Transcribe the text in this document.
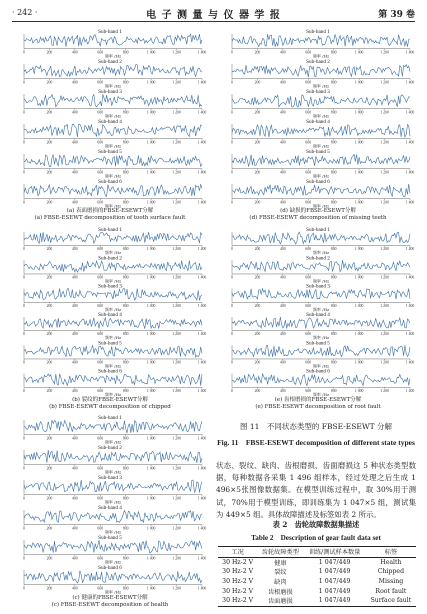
· 242 ·	电 子 测 量 与 仪 器 学 报	第 39 卷
Sub-band 1
0	200	400	600	800	1 000	1 200	1 400
频率 /Hz
Sub-band 2
0	200	400	600	800	1 000	1 200	1 400
频率 /Hz
Sub-band 3
0	200	400	600	800	1 000	1 200	1 400
频率 /Hz
Sub-band 4
0	200	400	600	800	1 000	1 200	1 400
频率 /Hz
Sub-band 5
0	200	400	600	800	1 000	1 200	1 400
频率 /Hz
Sub-band 6
0	200	400	600	800	1 000	1 200	1 400
频率 /Hz
(a) 表面磨损的FBSE-ESEWT分解
(a) FBSE-ESEWT decomposition of tooth surface fault
Sub-band 1
0	200	400	600	800	1 000	1 200	1 400
频率 /Hz
Sub-band 2
0	200	400	600	800	1 000	1 200	1 400
频率 /Hz
Sub-band 3
0	200	400	600	800	1 000	1 200	1 400
频率 /Hz
Sub-band 4
0	200	400	600	800	1 000	1 200	1 400
频率 /Hz
Sub-band 5
0	200	400	600	800	1 000	1 200	1 400
频率 /Hz
Sub-band 6
0	200	400	600	800	1 000	1 200	1 400
频率 /Hz
(d) 缺损的FBSE-ESEWT分解
(d) FBSE-ESEWT decomposition of missing teeth
Sub-band 1
0	200	400	600	800	1 000	1 200	1 400
频率 /Hz
Sub-band 2
0	200	400	600	800	1 000	1 200	1 400
频率 /Hz
Sub-band 3
0	200	400	600	800	1 000	1 200	1 400
频率 /Hz
Sub-band 4
0	200	400	600	800	1 000	1 200	1 400
频率 /Hz
Sub-band 5
0	200	400	600	800	1 000	1 200	1 400
频率 /Hz
Sub-band 6
0	200	400	600	800	1 000	1 200	1 400
频率 /Hz
(b) 裂纹的FBSE-ESEWT分解
(b) FBSE-ESEWT decomposition of chipped
Sub-band 1
0	200	400	600	800	1 000	1 200	1 400
频率 /Hz
Sub-band 2
0	200	400	600	800	1 000	1 200	1 400
频率 /Hz
Sub-band 3
0	200	400	600	800	1 000	1 200	1 400
频率 /Hz
Sub-band 4
0	200	400	600	800	1 000	1 200	1 400
频率 /Hz
Sub-band 5
0	200	400	600	800	1 000	1 200	1 400
频率 /Hz
Sub-band 6
0	200	400	600	800	1 000	1 200	1 400
频率 /Hz
(e) 齿根磨损的FBSE-ESEWT分解
(e) FBSE-ESEWT decomposition of root fault
Sub-band 1
0	200	400	600	800	1 000	1 200	1 400
频率 /Hz
Sub-band 2
0	200	400	600	800	1 000	1 200	1 400
频率 /Hz
Sub-band 3
0	200	400	600	800	1 000	1 200	1 400
频率 /Hz
Sub-band 4
0	200	400	600	800	1 000	1 200	1 400
频率 /Hz
Sub-band 5
0	200	400	600	800	1 000	1 200	1 400
频率 /Hz
Sub-band 6
0	200	400	600	800	1 000	1 200	1 400
频率 /Hz
(c) 健康的FBSE-ESEWT分解
(c) FBSE-ESEWT decomposition of health
图 11　不同状态类型的 FBSE-ESEWT 分解
Fig. 11　FBSE-ESEWT decomposition of different state types
状态、裂纹、缺肉、齿根磨损、齿面磨损这 5 种状态类型数据，每种数据各采集 1 496 组样本，经过处理之后生成 1 496×5张图像数据集。在模型训练过程中，取 30%用于测试，70%用于模型训练，即训练集为 1 047×5 组，测试集为 449×5 组。具体故障描述及标签如表 2 所示。
表 2　齿轮故障数据集描述
Table 2　Description of gear fault data set
工况	齿轮故障类型	训练/测试样本数量	标签
30 Hz-2 V	健康	1 047/449	Health
30 Hz-2 V	裂纹	1 047/449	Chipped
30 Hz-2 V	缺肉	1 047/449	Missing
30 Hz-2 V	齿根磨损	1 047/449	Root fault
30 Hz-2 V	齿面磨损	1 047/449	Surface fault
